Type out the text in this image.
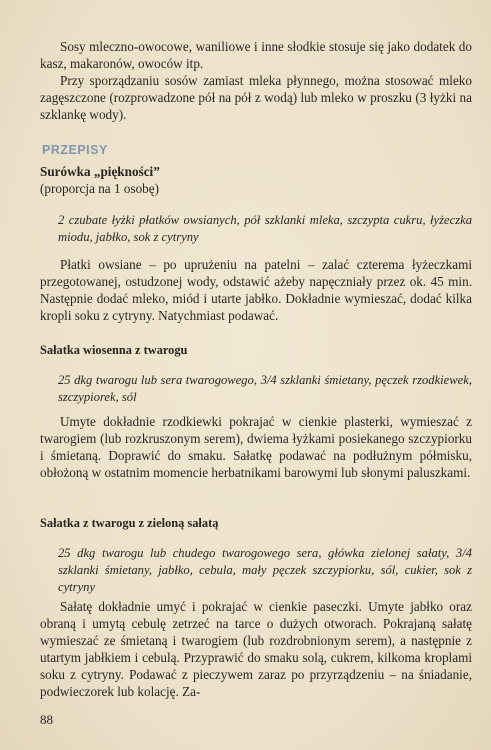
Sosy mleczno-owocowe, waniliowe i inne słodkie stosuje się jako dodatek do kasz, makaronów, owoców itp.
Przy sporządzaniu sosów zamiast mleka płynnego, można stosować mleko zagęszczone (rozprowadzone pół na pół z wodą) lub mleko w proszku (3 łyżki na szklankę wody).
PRZEPISY
Surówka „piękności”
(proporcja na 1 osobę)
2 czubate łyżki płatków owsianych, pół szklanki mleka, szczypta cukru, łyżeczka miodu, jabłko, sok z cytryny
Płatki owsiane – po uprużeniu na patelni – zalać czterema łyżeczkami przegotowanej, ostudzonej wody, odstawić ażeby napęczniały przez ok. 45 min. Następnie dodać mleko, miód i utarte jabłko. Dokładnie wymieszać, dodać kilka kropli soku z cytryny. Natychmiast podawać.
Sałatka wiosenna z twarogu
25 dkg twarogu lub sera twarogowego, 3/4 szklanki śmietany, pęczek rzodkiewek, szczypiorek, sól
Umyte dokładnie rzodkiewki pokrajać w cienkie plasterki, wymieszać z twarogiem (lub rozkruszonym serem), dwiema łyżkami posiekanego szczypiorku i śmietaną. Doprawić do smaku. Sałatkę podawać na podłużnym półmisku, obłożoną w ostatnim momencie herbatnikami barowymi lub słonymi paluszkami.
Sałatka z twarogu z zieloną sałatą
25 dkg twarogu lub chudego twarogowego sera, główka zielonej sałaty, 3/4 szklanki śmietany, jabłko, cebula, mały pęczek szczypiorku, sól, cukier, sok z cytryny
Sałatę dokładnie umyć i pokrajać w cienkie paseczki. Umyte jabłko oraz obraną i umytą cebulę zetrzeć na tarce o dużych otworach. Pokrajaną sałatę wymieszać ze śmietaną i twarogiem (lub rozdrobnionym serem), a następnie z utartym jabłkiem i cebulą. Przyprawić do smaku solą, cukrem, kilkoma kroplami soku z cytryny. Podawać z pieczywem zaraz po przyrządzeniu – na śniadanie, podwieczorek lub kolację. Za-
88
